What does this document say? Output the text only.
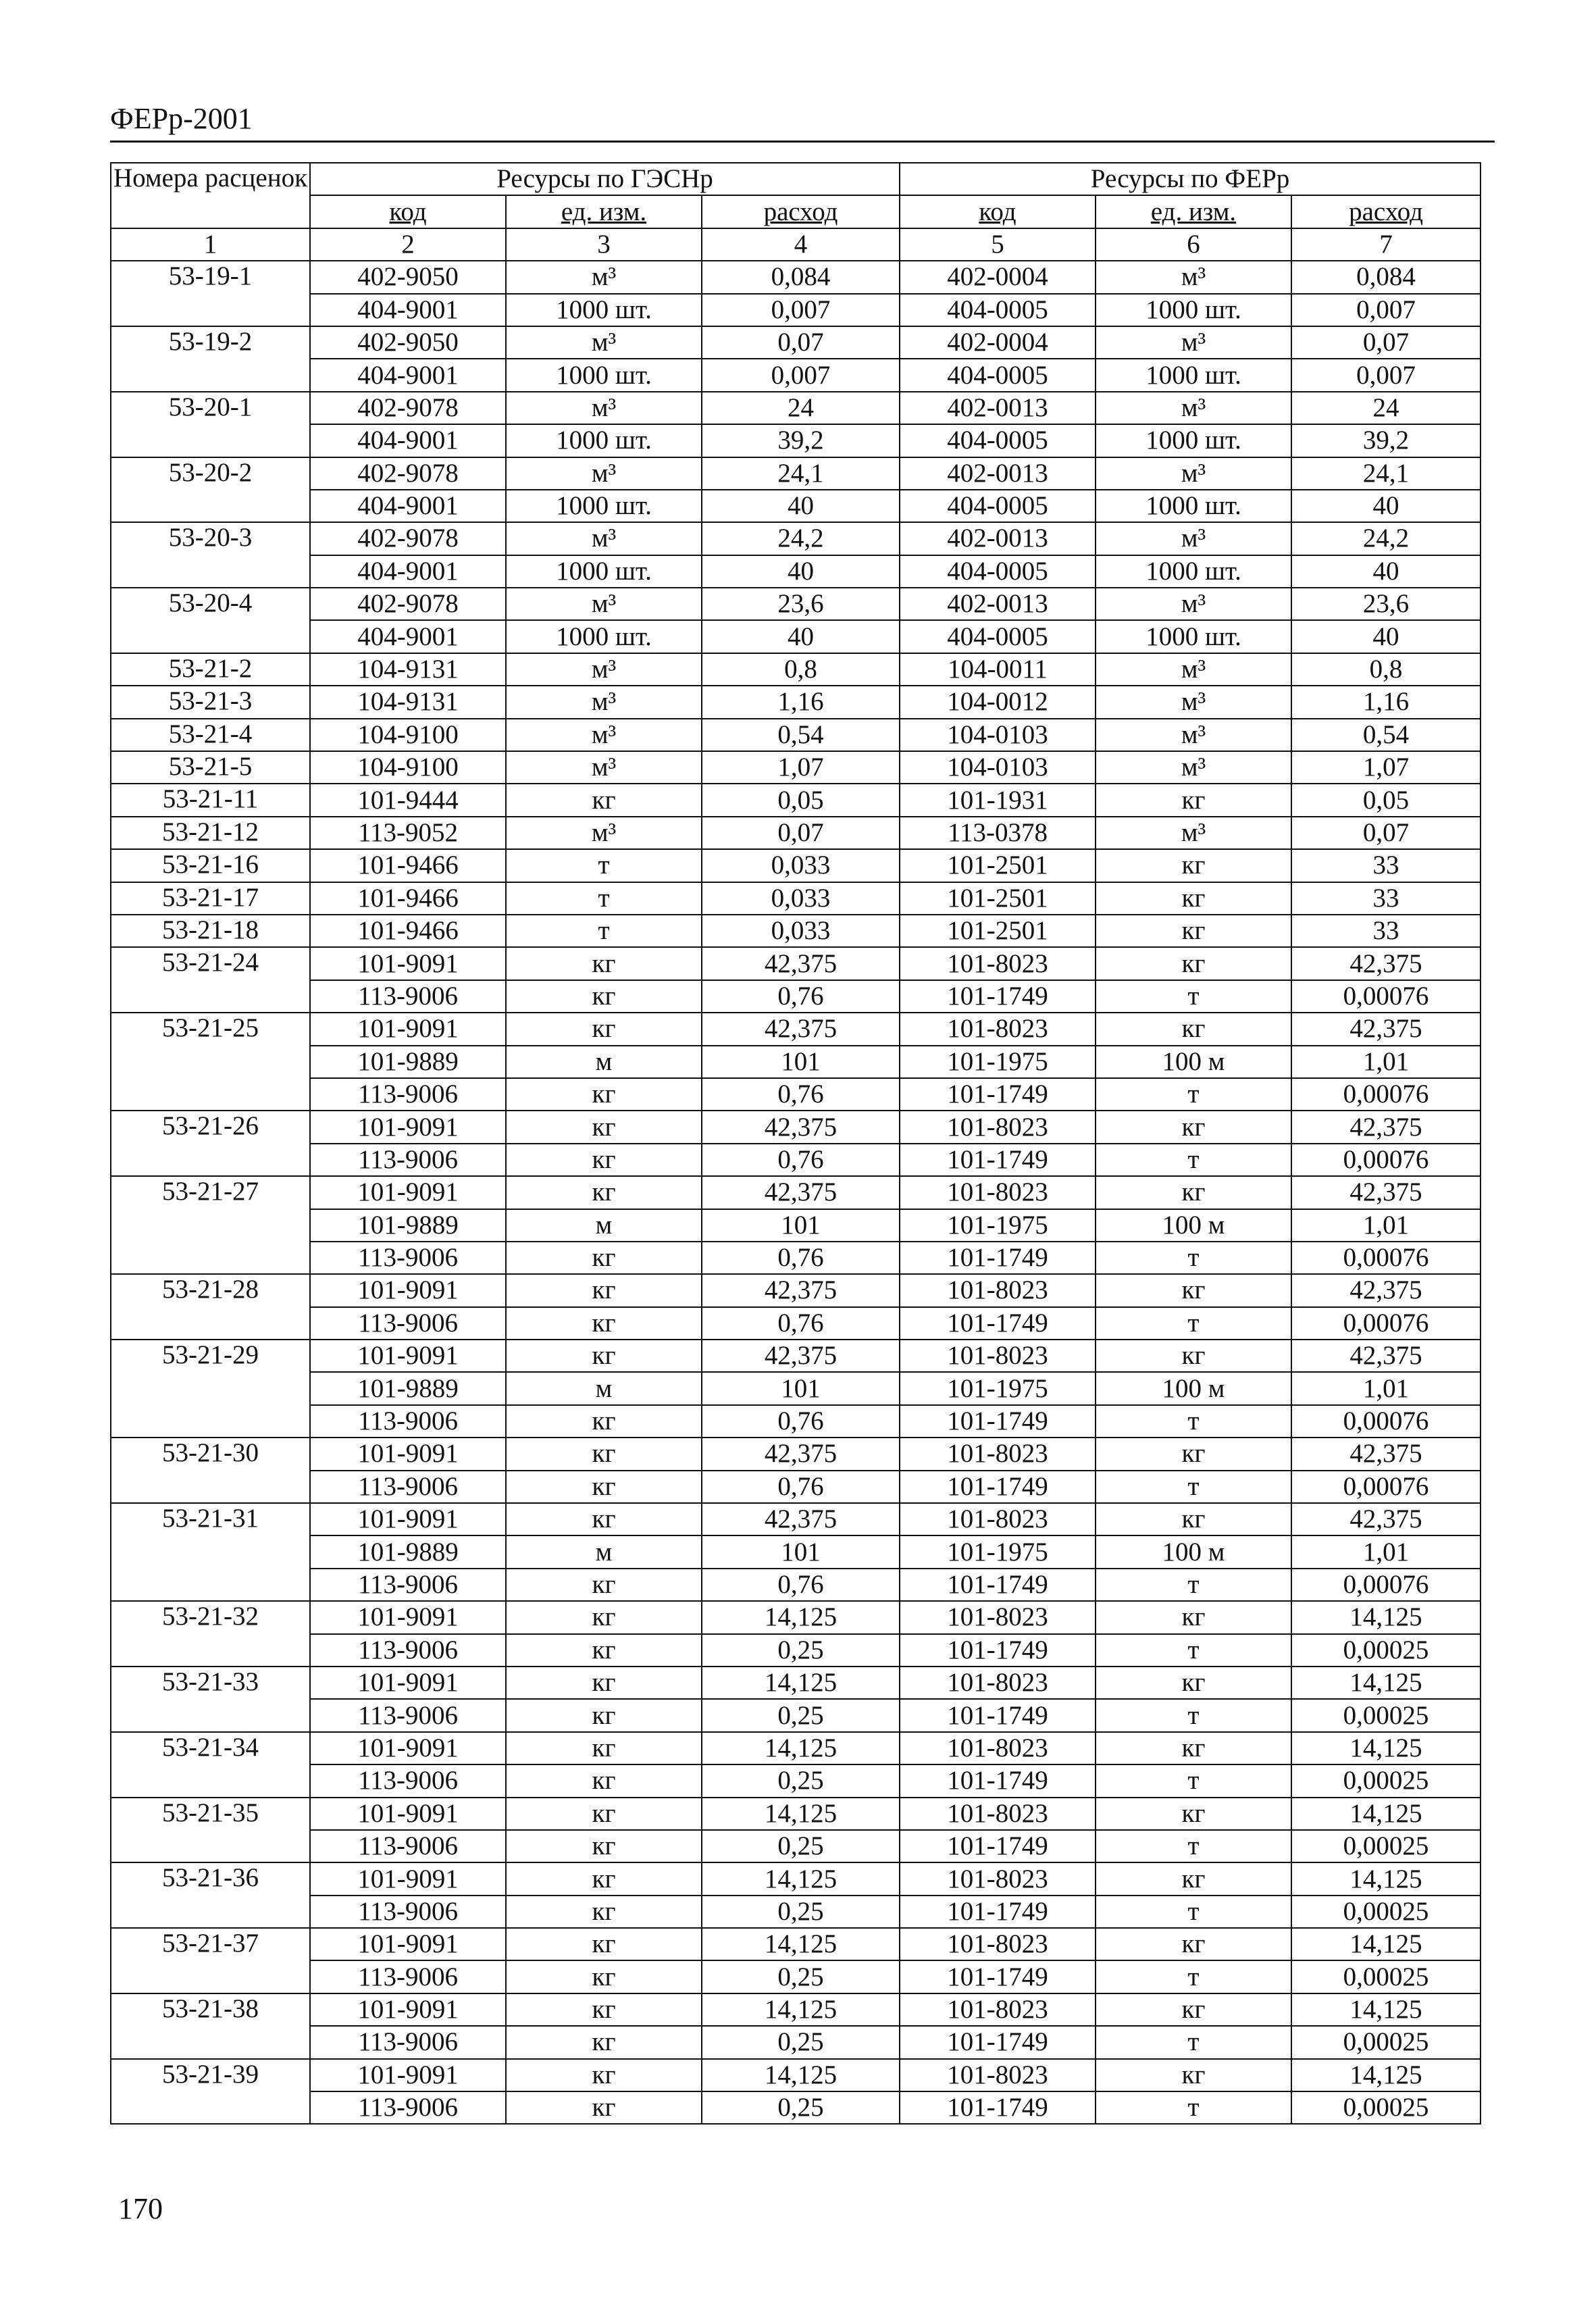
ФЕРр-2001
Номера расценок	Ресурсы по ГЭСНр			Ресурсы по ФЕРр		
	код	ед. изм.	расход	код	ед. изм.	расход
1	2	3	4	5	6	7
53-19-1	402-9050	м³	0,084	402-0004	м³	0,084
	404-9001	1000 шт.	0,007	404-0005	1000 шт.	0,007
53-19-2	402-9050	м³	0,07	402-0004	м³	0,07
	404-9001	1000 шт.	0,007	404-0005	1000 шт.	0,007
53-20-1	402-9078	м³	24	402-0013	м³	24
	404-9001	1000 шт.	39,2	404-0005	1000 шт.	39,2
53-20-2	402-9078	м³	24,1	402-0013	м³	24,1
	404-9001	1000 шт.	40	404-0005	1000 шт.	40
53-20-3	402-9078	м³	24,2	402-0013	м³	24,2
	404-9001	1000 шт.	40	404-0005	1000 шт.	40
53-20-4	402-9078	м³	23,6	402-0013	м³	23,6
	404-9001	1000 шт.	40	404-0005	1000 шт.	40
53-21-2	104-9131	м³	0,8	104-0011	м³	0,8
53-21-3	104-9131	м³	1,16	104-0012	м³	1,16
53-21-4	104-9100	м³	0,54	104-0103	м³	0,54
53-21-5	104-9100	м³	1,07	104-0103	м³	1,07
53-21-11	101-9444	кг	0,05	101-1931	кг	0,05
53-21-12	113-9052	м³	0,07	113-0378	м³	0,07
53-21-16	101-9466	т	0,033	101-2501	кг	33
53-21-17	101-9466	т	0,033	101-2501	кг	33
53-21-18	101-9466	т	0,033	101-2501	кг	33
53-21-24	101-9091	кг	42,375	101-8023	кг	42,375
	113-9006	кг	0,76	101-1749	т	0,00076
53-21-25	101-9091	кг	42,375	101-8023	кг	42,375
	101-9889	м	101	101-1975	100 м	1,01
	113-9006	кг	0,76	101-1749	т	0,00076
53-21-26	101-9091	кг	42,375	101-8023	кг	42,375
	113-9006	кг	0,76	101-1749	т	0,00076
53-21-27	101-9091	кг	42,375	101-8023	кг	42,375
	101-9889	м	101	101-1975	100 м	1,01
	113-9006	кг	0,76	101-1749	т	0,00076
53-21-28	101-9091	кг	42,375	101-8023	кг	42,375
	113-9006	кг	0,76	101-1749	т	0,00076
53-21-29	101-9091	кг	42,375	101-8023	кг	42,375
	101-9889	м	101	101-1975	100 м	1,01
	113-9006	кг	0,76	101-1749	т	0,00076
53-21-30	101-9091	кг	42,375	101-8023	кг	42,375
	113-9006	кг	0,76	101-1749	т	0,00076
53-21-31	101-9091	кг	42,375	101-8023	кг	42,375
	101-9889	м	101	101-1975	100 м	1,01
	113-9006	кг	0,76	101-1749	т	0,00076
53-21-32	101-9091	кг	14,125	101-8023	кг	14,125
	113-9006	кг	0,25	101-1749	т	0,00025
53-21-33	101-9091	кг	14,125	101-8023	кг	14,125
	113-9006	кг	0,25	101-1749	т	0,00025
53-21-34	101-9091	кг	14,125	101-8023	кг	14,125
	113-9006	кг	0,25	101-1749	т	0,00025
53-21-35	101-9091	кг	14,125	101-8023	кг	14,125
	113-9006	кг	0,25	101-1749	т	0,00025
53-21-36	101-9091	кг	14,125	101-8023	кг	14,125
	113-9006	кг	0,25	101-1749	т	0,00025
53-21-37	101-9091	кг	14,125	101-8023	кг	14,125
	113-9006	кг	0,25	101-1749	т	0,00025
53-21-38	101-9091	кг	14,125	101-8023	кг	14,125
	113-9006	кг	0,25	101-1749	т	0,00025
53-21-39	101-9091	кг	14,125	101-8023	кг	14,125
	113-9006	кг	0,25	101-1749	т	0,00025
170
